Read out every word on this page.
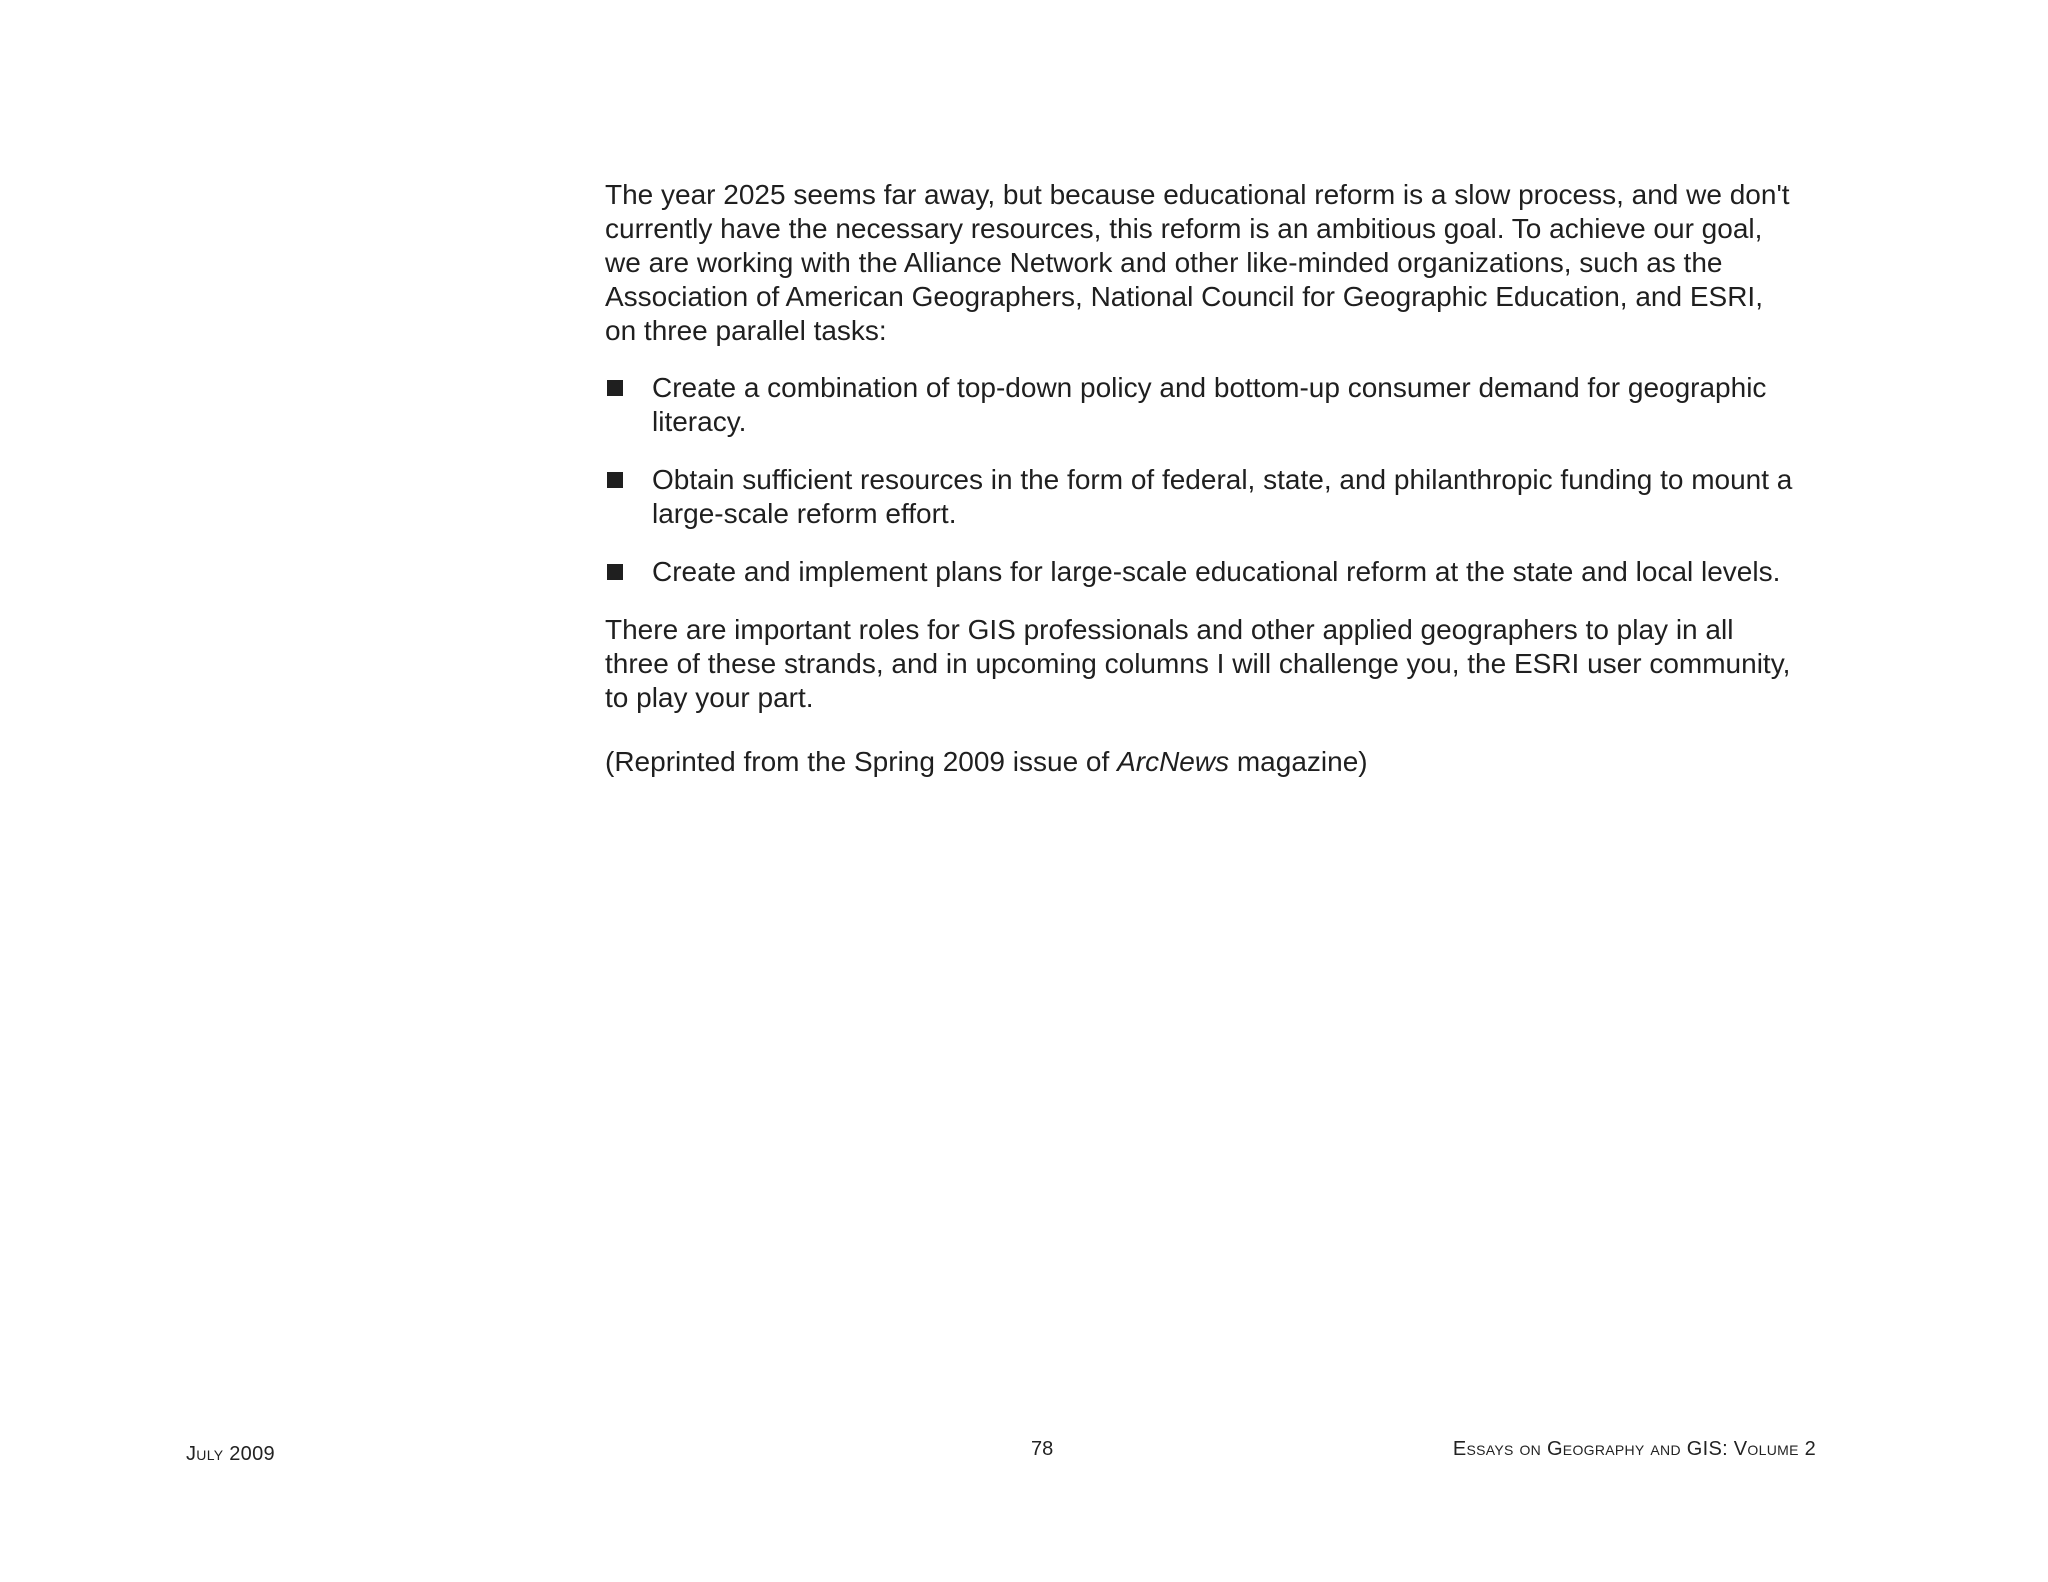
The year 2025 seems far away, but because educational reform is a slow process, and we don't
currently have the necessary resources, this reform is an ambitious goal. To achieve our goal,
we are working with the Alliance Network and other like-minded organizations, such as the
Association of American Geographers, National Council for Geographic Education, and ESRI,
on three parallel tasks:
Create a combination of top-down policy and bottom-up consumer demand for geographic
literacy.
Obtain sufficient resources in the form of federal, state, and philanthropic funding to mount a
large-scale reform effort.
Create and implement plans for large-scale educational reform at the state and local levels.
There are important roles for GIS professionals and other applied geographers to play in all
three of these strands, and in upcoming columns I will challenge you, the ESRI user community,
to play your part.
(Reprinted from the Spring 2009 issue of ArcNews magazine)
July 2009	78	Essays on Geography and GIS: Volume 2
